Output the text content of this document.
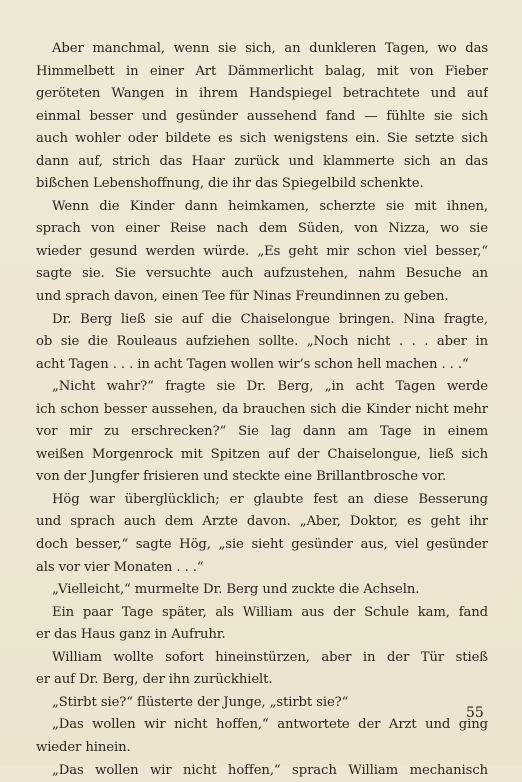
Aber manchmal, wenn sie sich, an dunkleren Tagen, wo das
Himmelbett in einer Art Dämmerlicht balag, mit von Fieber
geröteten Wangen in ihrem Handspiegel betrachtete und auf
einmal besser und gesünder aussehend fand — fühlte sie sich
auch wohler oder bildete es sich wenigstens ein. Sie setzte sich
dann auf, strich das Haar zurück und klammerte sich an das
bißchen Lebenshoffnung, die ihr das Spiegelbild schenkte.
Wenn die Kinder dann heimkamen, scherzte sie mit ihnen,
sprach von einer Reise nach dem Süden, von Nizza, wo sie
wieder gesund werden würde. „Es geht mir schon viel besser,“
sagte sie. Sie versuchte auch aufzustehen, nahm Besuche an
und sprach davon, einen Tee für Ninas Freundinnen zu geben.
Dr. Berg ließ sie auf die Chaiselongue bringen. Nina fragte,
ob sie die Rouleaus aufziehen sollte. „Noch nicht . . . aber in
acht Tagen . . . in acht Tagen wollen wir’s schon hell machen . . .“
„Nicht wahr?“ fragte sie Dr. Berg, „in acht Tagen werde
ich schon besser aussehen, da brauchen sich die Kinder nicht mehr
vor mir zu erschrecken?“ Sie lag dann am Tage in einem
weißen Morgenrock mit Spitzen auf der Chaiselongue, ließ sich
von der Jungfer frisieren und steckte eine Brillantbrosche vor.
Hög war überglücklich; er glaubte fest an diese Besserung
und sprach auch dem Arzte davon. „Aber, Doktor, es geht ihr
doch besser,“ sagte Hög, „sie sieht gesünder aus, viel gesünder
als vor vier Monaten . . .“
„Vielleicht,“ murmelte Dr. Berg und zuckte die Achseln.
Ein paar Tage später, als William aus der Schule kam, fand
er das Haus ganz in Aufruhr.
William wollte sofort hineinstürzen, aber in der Tür stieß
er auf Dr. Berg, der ihn zurückhielt.
„Stirbt sie?“ flüsterte der Junge, „stirbt sie?“
„Das wollen wir nicht hoffen,“ antwortete der Arzt und ging
wieder hinein.
„Das wollen wir nicht hoffen,“ sprach William mechanisch
55
